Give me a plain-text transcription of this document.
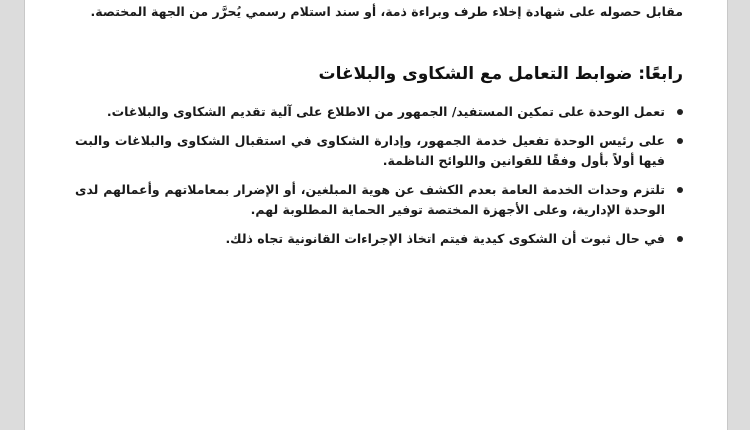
مقابل حصوله على شهادة إخلاء طرف وبراءة ذمة، أو سند استلام رسمي يُحرَّر من الجهة المختصة.
رابعًا: ضوابط التعامل مع الشكاوى والبلاغات
تعمل الوحدة على تمكين المستفيد/ الجمهور من الاطلاع على آلية تقديم الشكاوى والبلاغات.
على رئيس الوحدة تفعيل خدمة الجمهور، وإدارة الشكاوى في استقبال الشكاوى والبلاغات والبت فيها أولاً بأول وفقًا للقوانين واللوائح الناظمة.
تلتزم وحدات الخدمة العامة بعدم الكشف عن هوية المبلغين، أو الإضرار بمعاملاتهم وأعمالهم لدى الوحدة الإدارية، وعلى الأجهزة المختصة توفير الحماية المطلوبة لهم.
في حال ثبوت أن الشكوى كيدية فيتم اتخاذ الإجراءات القانونية تجاه ذلك.
